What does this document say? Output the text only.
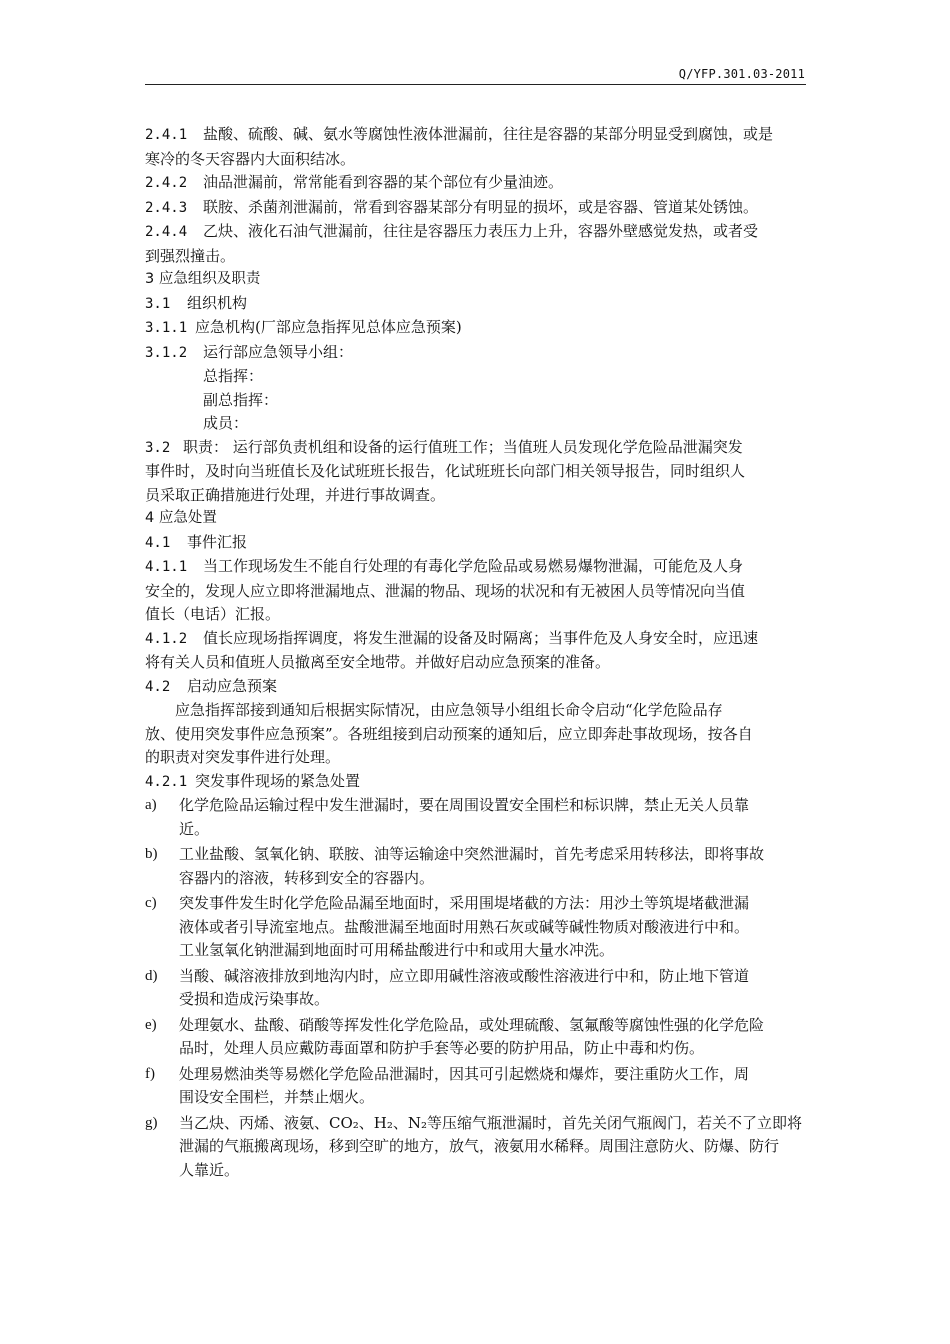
Q/YFP.301.03-2011
2.4.1 盐酸、硫酸、碱、氨水等腐蚀性液体泄漏前，往往是容器的某部分明显受到腐蚀，或是
寒冷的冬天容器内大面积结冰。
2.4.2 油品泄漏前，常常能看到容器的某个部位有少量油迹。
2.4.3 联胺、杀菌剂泄漏前，常看到容器某部分有明显的损坏，或是容器、管道某处锈蚀。
2.4.4 乙炔、液化石油气泄漏前，往往是容器压力表压力上升，容器外壁感觉发热，或者受
到强烈撞击。
3 应急组织及职责
3.1 组织机构
3.1.1 应急机构(厂部应急指挥见总体应急预案)
3.1.2 运行部应急领导小组：
总指挥：
副总指挥：
成员：
3.2 职责： 运行部负责机组和设备的运行值班工作；当值班人员发现化学危险品泄漏突发
事件时，及时向当班值长及化试班班长报告，化试班班长向部门相关领导报告，同时组织人
员采取正确措施进行处理，并进行事故调查。
4 应急处置
4.1 事件汇报
4.1.1 当工作现场发生不能自行处理的有毒化学危险品或易燃易爆物泄漏，可能危及人身
安全的，发现人应立即将泄漏地点、泄漏的物品、现场的状况和有无被困人员等情况向当值
值长（电话）汇报。
4.1.2 值长应现场指挥调度，将发生泄漏的设备及时隔离；当事件危及人身安全时，应迅速
将有关人员和值班人员撤离至安全地带。并做好启动应急预案的准备。
4.2 启动应急预案
应急指挥部接到通知后根据实际情况，由应急领导小组组长命令启动“化学危险品存
放、使用突发事件应急预案”。各班组接到启动预案的通知后，应立即奔赴事故现场，按各自
的职责对突发事件进行处理。
4.2.1 突发事件现场的紧急处置
a)	化学危险品运输过程中发生泄漏时，要在周围设置安全围栏和标识牌，禁止无关人员靠
近。
b)	工业盐酸、氢氧化钠、联胺、油等运输途中突然泄漏时，首先考虑采用转移法，即将事故
容器内的溶液，转移到安全的容器内。
c)	突发事件发生时化学危险品漏至地面时，采用围堤堵截的方法：用沙土等筑堤堵截泄漏
液体或者引导流室地点。盐酸泄漏至地面时用熟石灰或碱等碱性物质对酸液进行中和。
工业氢氧化钠泄漏到地面时可用稀盐酸进行中和或用大量水冲洗。
d)	当酸、碱溶液排放到地沟内时，应立即用碱性溶液或酸性溶液进行中和，防止地下管道
受损和造成污染事故。
e)	处理氨水、盐酸、硝酸等挥发性化学危险品，或处理硫酸、氢氟酸等腐蚀性强的化学危险
品时，处理人员应戴防毒面罩和防护手套等必要的防护用品，防止中毒和灼伤。
f)	处理易燃油类等易燃化学危险品泄漏时，因其可引起燃烧和爆炸，要注重防火工作，周
围设安全围栏，并禁止烟火。
g)	当乙炔、丙烯、液氨、CO₂、H₂、N₂等压缩气瓶泄漏时，首先关闭气瓶阀门，若关不了立即将
泄漏的气瓶搬离现场，移到空旷的地方，放气，液氨用水稀释。周围注意防火、防爆、防行
人靠近。
